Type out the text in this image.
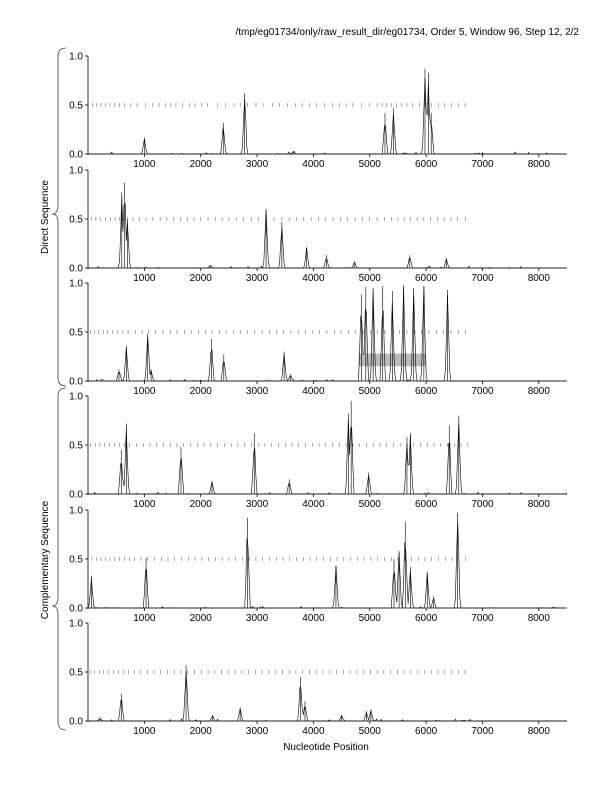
/tmp/eg01734/only/raw_result_dir/eg01734, Order 5, Window 96, Step 12, 2/2
0.0
0.5
1.0
1000	2000	3000	4000	5000	6000	7000	8000
0.0
0.5
1.0
1000	2000	3000	4000	5000	6000	7000	8000
0.0
0.5
1.0
1000	2000	3000	4000	5000	6000	7000	8000
0.0
0.5
1.0
1000	2000	3000	4000	5000	6000	7000	8000
0.0
0.5
1.0
1000	2000	3000	4000	5000	6000	7000	8000
0.0
0.5
1.0
1000	2000	3000	4000	5000	6000	7000	8000
Direct Sequence
Complementary Sequence
Nucleotide Position
